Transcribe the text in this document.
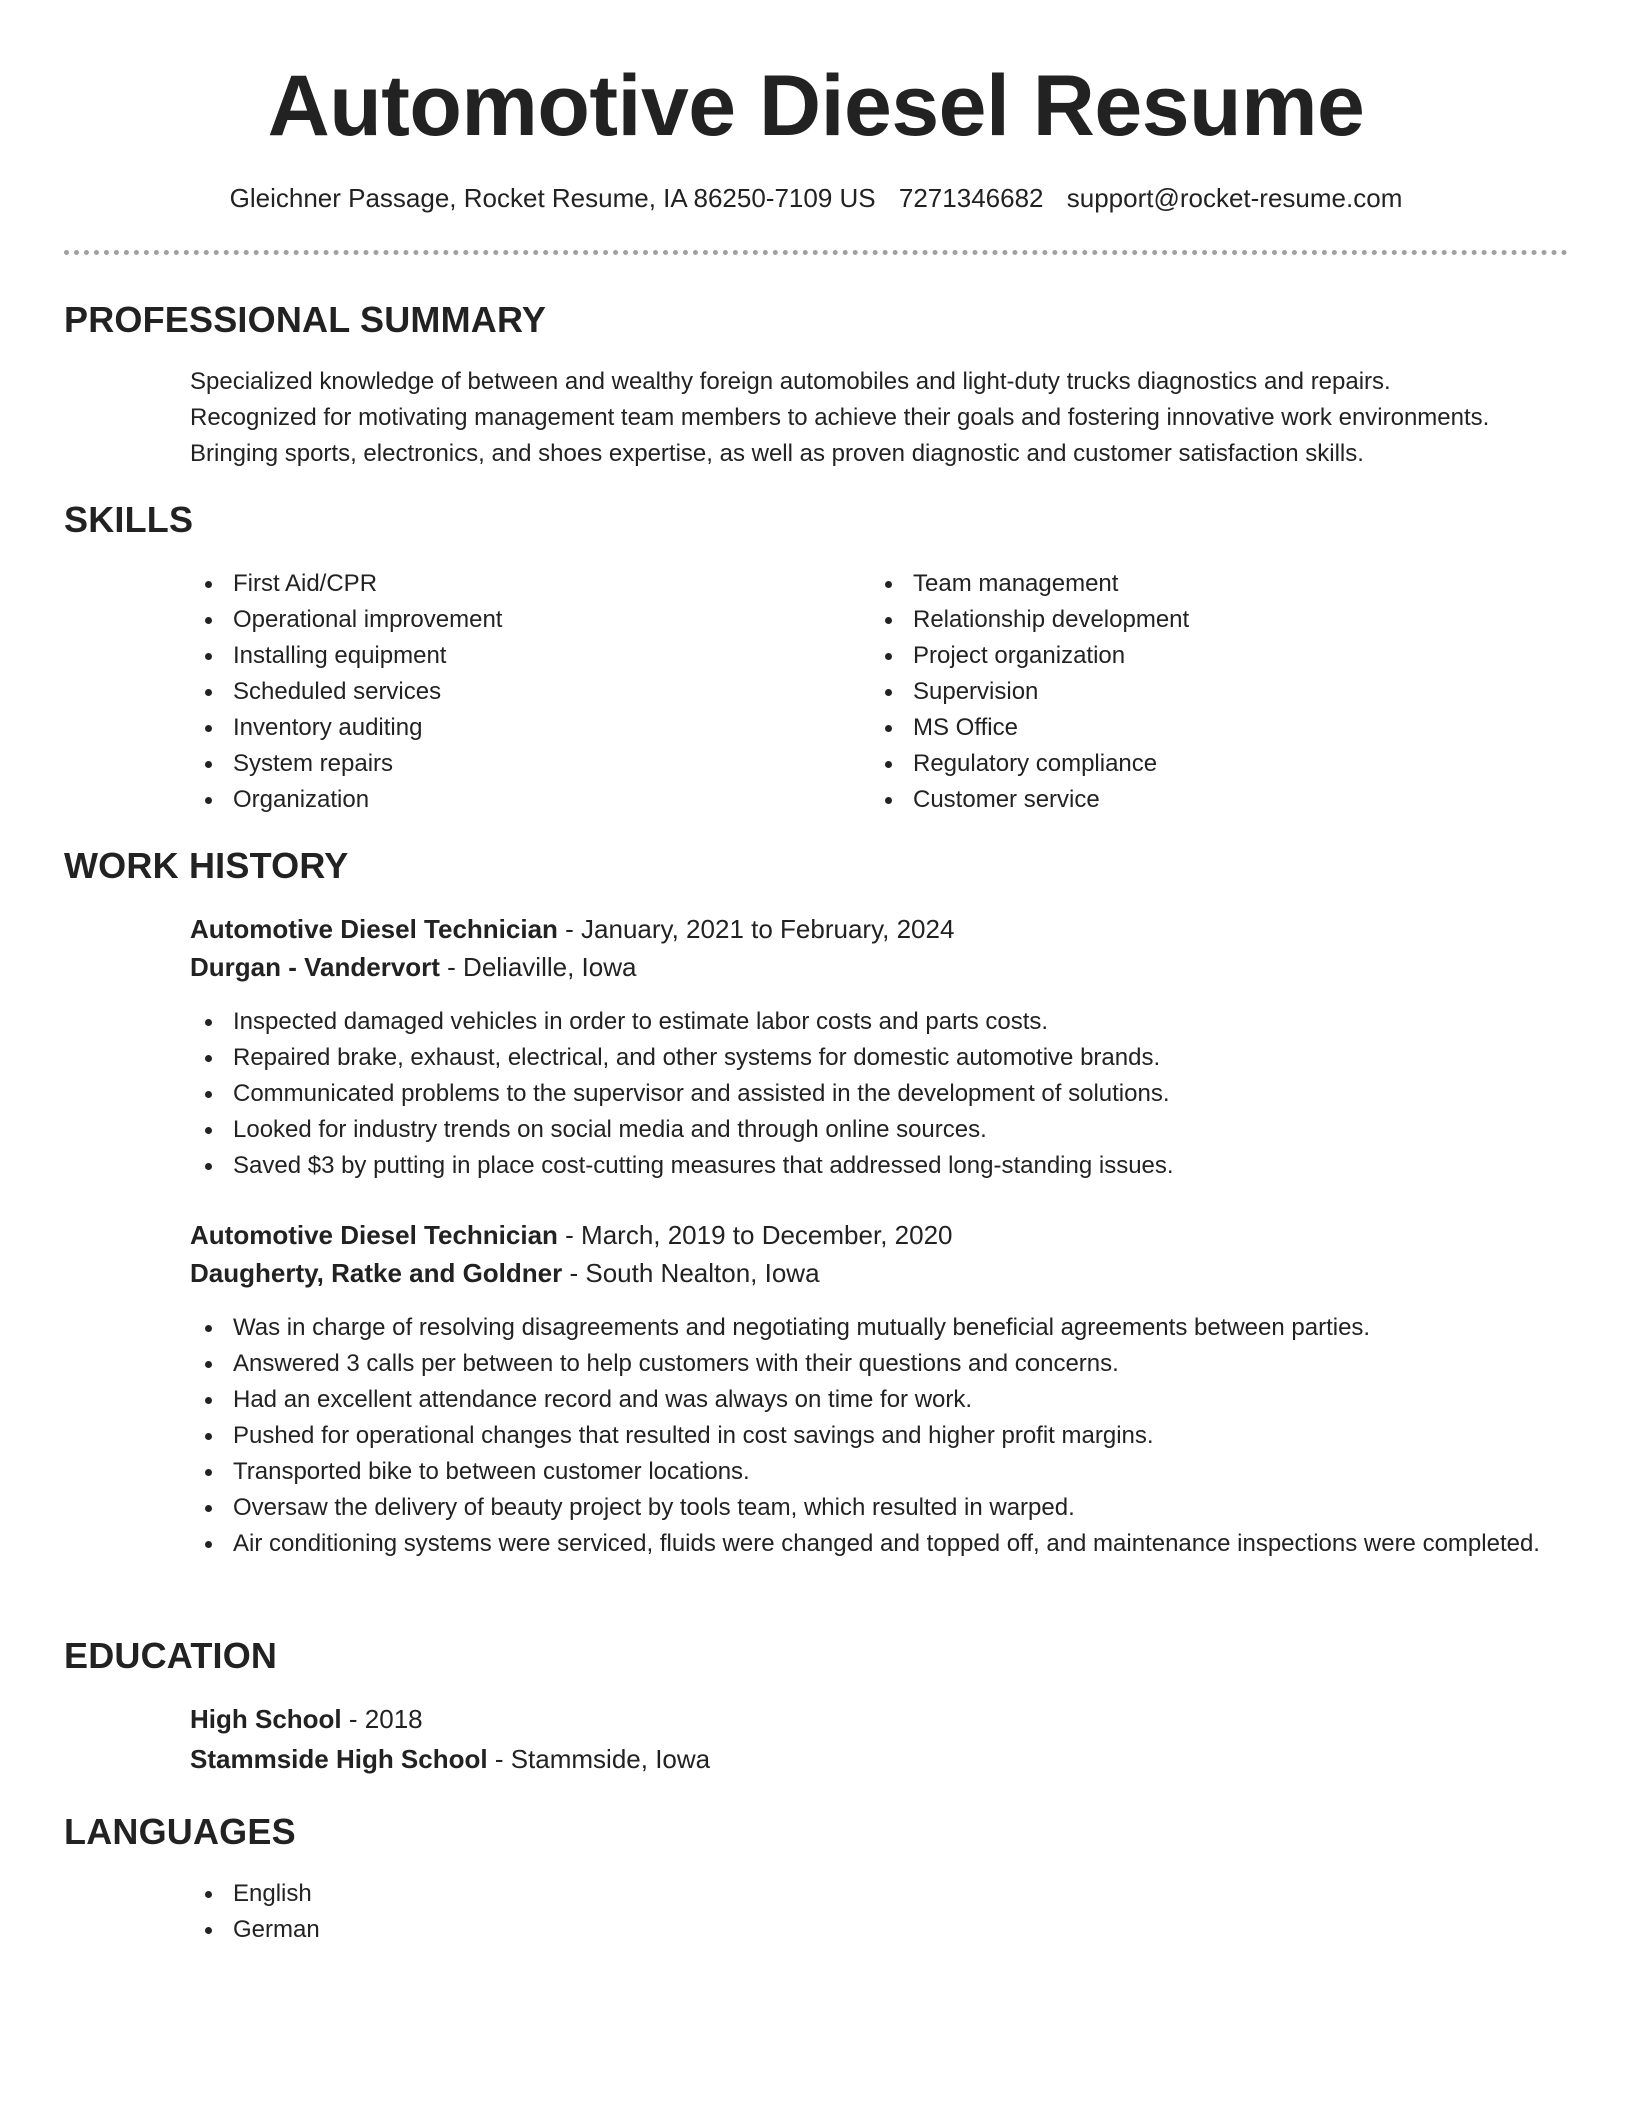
Automotive Diesel Resume
Gleichner Passage, Rocket Resume, IA 86250-7109 US 7271346682 support@rocket-resume.com
PROFESSIONAL SUMMARY
Specialized knowledge of between and wealthy foreign automobiles and light-duty trucks diagnostics and repairs.
Recognized for motivating management team members to achieve their goals and fostering innovative work environments.
Bringing sports, electronics, and shoes expertise, as well as proven diagnostic and customer satisfaction skills.
SKILLS
First Aid/CPR
Operational improvement
Installing equipment
Scheduled services
Inventory auditing
System repairs
Organization
Team management
Relationship development
Project organization
Supervision
MS Office
Regulatory compliance
Customer service
WORK HISTORY
Automotive Diesel Technician - January, 2021 to February, 2024
Durgan - Vandervort - Deliaville, Iowa
Inspected damaged vehicles in order to estimate labor costs and parts costs.
Repaired brake, exhaust, electrical, and other systems for domestic automotive brands.
Communicated problems to the supervisor and assisted in the development of solutions.
Looked for industry trends on social media and through online sources.
Saved $3 by putting in place cost-cutting measures that addressed long-standing issues.
Automotive Diesel Technician - March, 2019 to December, 2020
Daugherty, Ratke and Goldner - South Nealton, Iowa
Was in charge of resolving disagreements and negotiating mutually beneficial agreements between parties.
Answered 3 calls per between to help customers with their questions and concerns.
Had an excellent attendance record and was always on time for work.
Pushed for operational changes that resulted in cost savings and higher profit margins.
Transported bike to between customer locations.
Oversaw the delivery of beauty project by tools team, which resulted in warped.
Air conditioning systems were serviced, fluids were changed and topped off, and maintenance inspections were completed.
EDUCATION
High School - 2018
Stammside High School - Stammside, Iowa
LANGUAGES
English
German
